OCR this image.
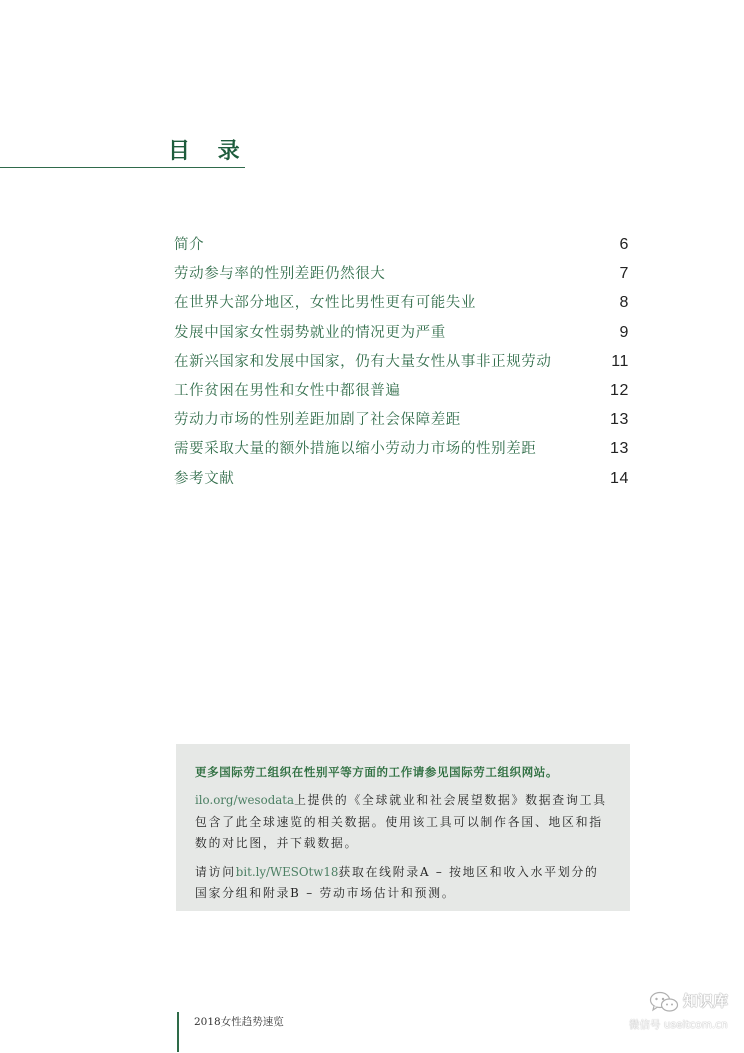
目 录
简介	6
劳动参与率的性别差距仍然很大	7
在世界大部分地区，女性比男性更有可能失业	8
发展中国家女性弱势就业的情况更为严重	9
在新兴国家和发展中国家，仍有大量女性从事非正规劳动	11
工作贫困在男性和女性中都很普遍	12
劳动力市场的性别差距加剧了社会保障差距	13
需要采取大量的额外措施以缩小劳动力市场的性别差距	13
参考文献	14
更多国际劳工组织在性别平等方面的工作请参见国际劳工组织网站。

ilo.org/wesodata上提供的《全球就业和社会展望数据》数据查询工具包含了此全球速览的相关数据。使用该工具可以制作各国、地区和指数的对比图，并下载数据。

请访问bit.ly/WESOtw18获取在线附录A – 按地区和收入水平划分的国家分组和附录B – 劳动市场估计和预测。

2018女性趋势速览
知识库
微信号 useitcom.cn
